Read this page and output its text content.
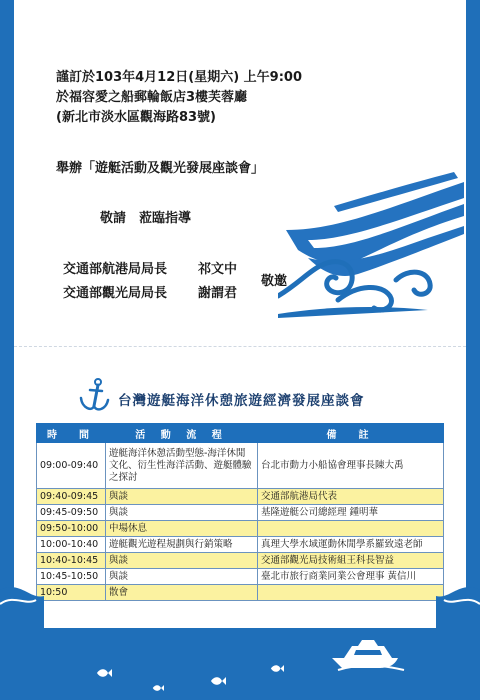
謹訂於103年4月12日(星期六) 上午9:00
於福容愛之船郵輪飯店3樓芙蓉廳
(新北市淡水區觀海路83號)
舉辦「遊艇活動及觀光發展座談會」
敬請　蒞臨指導
交通部航港局局長 祁文中
交通部觀光局局長 謝謂君
敬邀
台灣遊艇海洋休憩旅遊經濟發展座談會
時　間	活 動 流 程	備　註
09:00-09:40	遊艇海洋休憩活動型態-海洋休閒文化、衍生性海洋活動、遊艇體驗之探討	台北市動力小船協會理事長陳大禹
09:40-09:45	與談	交通部航港局代表
09:45-09:50	與談	基隆遊艇公司總經理 鍾明華
09:50-10:00	中場休息	
10:00-10:40	遊艇觀光遊程規劃與行銷策略	真理大學水域運動休閒學系羅致遠老師
10:40-10:45	與談	交通部觀光局技術組王科長智益
10:45-10:50	與談	臺北市旅行商業同業公會理事 黃信川
10:50	散會	
